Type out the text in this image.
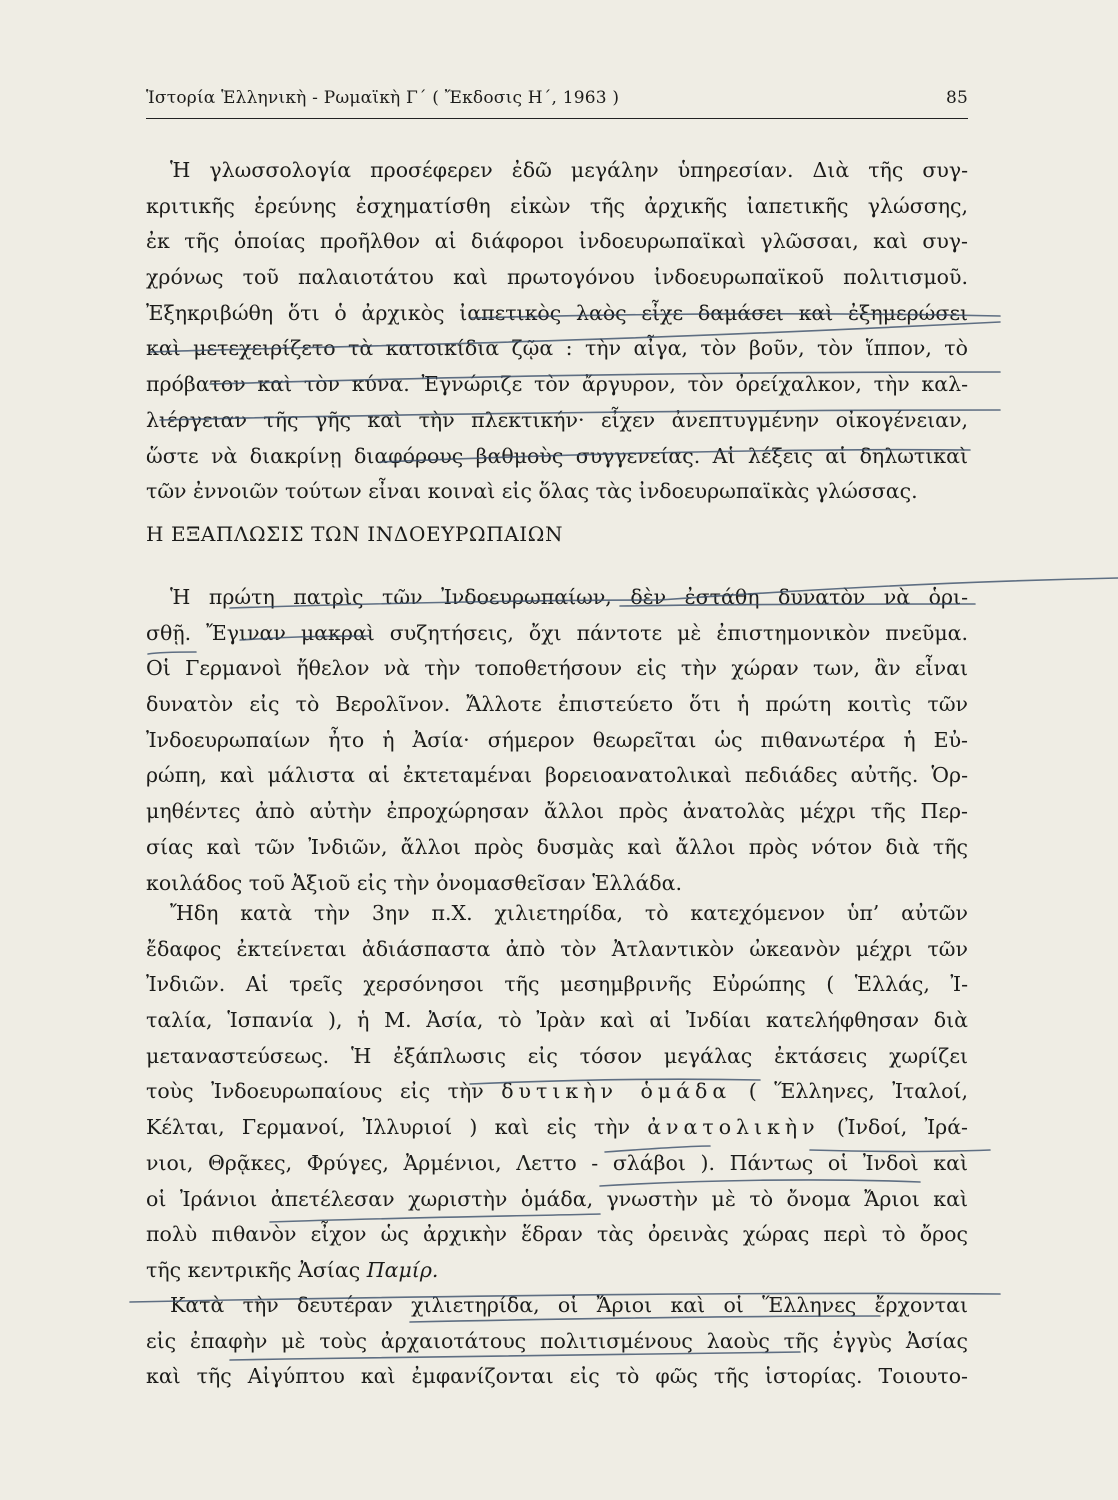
Ἱστορία Ἑλληνικὴ - Ρωμαϊκὴ Γ΄ ( Ἔκδοσις Η΄, 1963 )	85
Ἡ γλωσσολογία προσέφερεν ἐδῶ μεγάλην ὑπηρεσίαν. Διὰ τῆς συγ-
κριτικῆς ἐρεύνης ἐσχηματίσθη εἰκὼν τῆς ἀρχικῆς ἰαπετικῆς γλώσσης,
ἐκ τῆς ὁποίας προῆλθον αἱ διάφοροι ἰνδοευρωπαϊκαὶ γλῶσσαι, καὶ συγ-
χρόνως τοῦ παλαιοτάτου καὶ πρωτογόνου ἰνδοευρωπαϊκοῦ πολιτισμοῦ.
Ἐξηκριβώθη ὅτι ὁ ἀρχικὸς ἰαπετικὸς λαὸς εἶχε δαμάσει καὶ ἐξημερώσει
καὶ μετεχειρίζετο τὰ κατοικίδια ζῷα : τὴν αἶγα, τὸν βοῦν, τὸν ἵππον, τὸ
πρόβατον καὶ τὸν κύνα. Ἐγνώριζε τὸν ἄργυρον, τὸν ὀρείχαλκον, τὴν καλ-
λιέργειαν τῆς γῆς καὶ τὴν πλεκτικήν· εἶχεν ἀνεπτυγμένην οἰκογένειαν,
ὥστε νὰ διακρίνῃ διαφόρους βαθμοὺς συγγενείας. Αἱ λέξεις αἱ δηλωτικαὶ
τῶν ἐννοιῶν τούτων εἶναι κοιναὶ εἰς ὅλας τὰς ἰνδοευρωπαϊκὰς γλώσσας.
Η ΕΞΑΠΛΩΣΙΣ ΤΩΝ ΙΝΔΟΕΥΡΩΠΑΙΩΝ
Ἡ πρώτη πατρὶς τῶν Ἰνδοευρωπαίων, δὲν ἐστάθη δυνατὸν νὰ ὁρι-
σθῇ. Ἔγιναν μακραὶ συζητήσεις, ὄχι πάντοτε μὲ ἐπιστημονικὸν πνεῦμα.
Οἱ Γερμανοὶ ἤθελον νὰ τὴν τοποθετήσουν εἰς τὴν χώραν των, ἂν εἶναι
δυνατὸν εἰς τὸ Βερολῖνον. Ἄλλοτε ἐπιστεύετο ὅτι ἡ πρώτη κοιτὶς τῶν
Ἰνδοευρωπαίων ἦτο ἡ Ἀσία· σήμερον θεωρεῖται ὡς πιθανωτέρα ἡ Εὐ-
ρώπη, καὶ μάλιστα αἱ ἐκτεταμέναι βορειοανατολικαὶ πεδιάδες αὐτῆς. Ὁρ-
μηθέντες ἀπὸ αὐτὴν ἐπροχώρησαν ἄλλοι πρὸς ἀνατολὰς μέχρι τῆς Περ-
σίας καὶ τῶν Ἰνδιῶν, ἄλλοι πρὸς δυσμὰς καὶ ἄλλοι πρὸς νότον διὰ τῆς
κοιλάδος τοῦ Ἀξιοῦ εἰς τὴν ὀνομασθεῖσαν Ἑλλάδα.
Ἤδη κατὰ τὴν 3ην π.Χ. χιλιετηρίδα, τὸ κατεχόμενον ὑπ’ αὐτῶν
ἔδαφος ἐκτείνεται ἀδιάσπαστα ἀπὸ τὸν Ἀτλαντικὸν ὠκεανὸν μέχρι τῶν
Ἰνδιῶν. Αἱ τρεῖς χερσόνησοι τῆς μεσημβρινῆς Εὐρώπης ( Ἑλλάς, Ἰ-
ταλία, Ἱσπανία ), ἡ Μ. Ἀσία, τὸ Ἰρὰν καὶ αἱ Ἰνδίαι κατελήφθησαν διὰ
μεταναστεύσεως. Ἡ ἐξάπλωσις εἰς τόσον μεγάλας ἐκτάσεις χωρίζει
τοὺς Ἰνδοευρωπαίους εἰς τὴν δυτικὴν ὁμάδα ( Ἕλληνες, Ἰταλοί,
Κέλται, Γερμανοί, Ἰλλυριοί ) καὶ εἰς τὴν ἀνατολικὴν (Ἰνδοί, Ἰρά-
νιοι, Θρᾷκες, Φρύγες, Ἀρμένιοι, Λεττο - σλάβοι ). Πάντως οἱ Ἰνδοὶ καὶ
οἱ Ἰράνιοι ἀπετέλεσαν χωριστὴν ὁμάδα, γνωστὴν μὲ τὸ ὄνομα Ἄριοι καὶ
πολὺ πιθανὸν εἶχον ὡς ἀρχικὴν ἕδραν τὰς ὀρεινὰς χώρας περὶ τὸ ὄρος
τῆς κεντρικῆς Ἀσίας Παμίρ.
Κατὰ τὴν δευτέραν χιλιετηρίδα, οἱ Ἄριοι καὶ οἱ Ἕλληνες ἔρχονται
εἰς ἐπαφὴν μὲ τοὺς ἀρχαιοτάτους πολιτισμένους λαοὺς τῆς ἐγγὺς Ἀσίας
καὶ τῆς Αἰγύπτου καὶ ἐμφανίζονται εἰς τὸ φῶς τῆς ἱστορίας. Τοιουτο-
